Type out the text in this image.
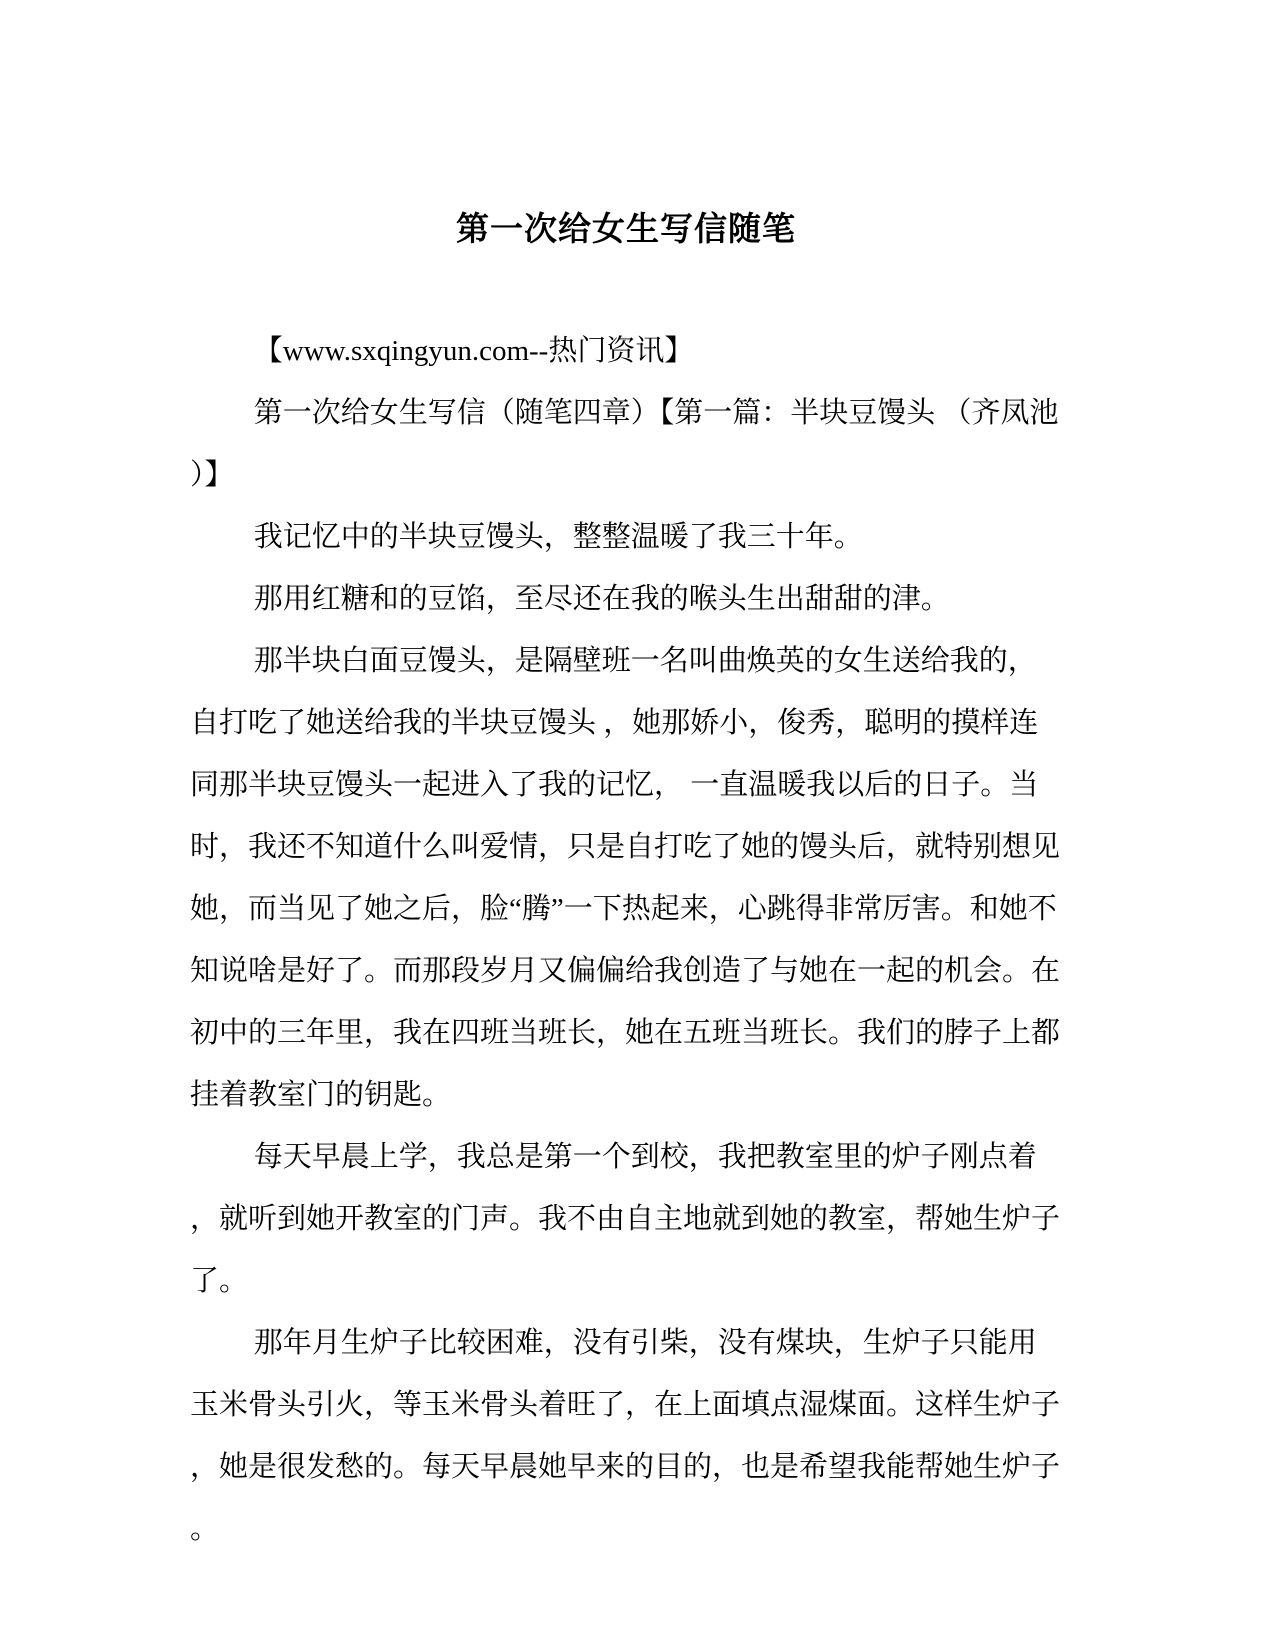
第一次给女生写信随笔

【www.sxqingyun.com--热门资讯】

第一次给女生写信（随笔四章）【第一篇：半块豆馒头 （齐凤池）】

我记忆中的半块豆馒头，整整温暖了我三十年。

那用红糖和的豆馅，至尽还在我的喉头生出甜甜的津。

那半块白面豆馒头，是隔壁班一名叫曲焕英的女生送给我的，自打吃了她送给我的半块豆馒头 ，她那娇小，俊秀，聪明的摸样连同那半块豆馒头一起进入了我的记忆， 一直温暖我以后的日子。当时，我还不知道什么叫爱情，只是自打吃了她的馒头后，就特别想见她，而当见了她之后，脸“腾”一下热起来，心跳得非常厉害。和她不知说啥是好了。而那段岁月又偏偏给我创造了与她在一起的机会。在初中的三年里，我在四班当班长，她在五班当班长。我们的脖子上都挂着教室门的钥匙。

每天早晨上学，我总是第一个到校，我把教室里的炉子刚点着，就听到她开教室的门声。我不由自主地就到她的教室，帮她生炉子了。

那年月生炉子比较困难，没有引柴，没有煤块，生炉子只能用玉米骨头引火，等玉米骨头着旺了，在上面填点湿煤面。这样生炉子，她是很发愁的。每天早晨她早来的目的，也是希望我能帮她生炉子。
